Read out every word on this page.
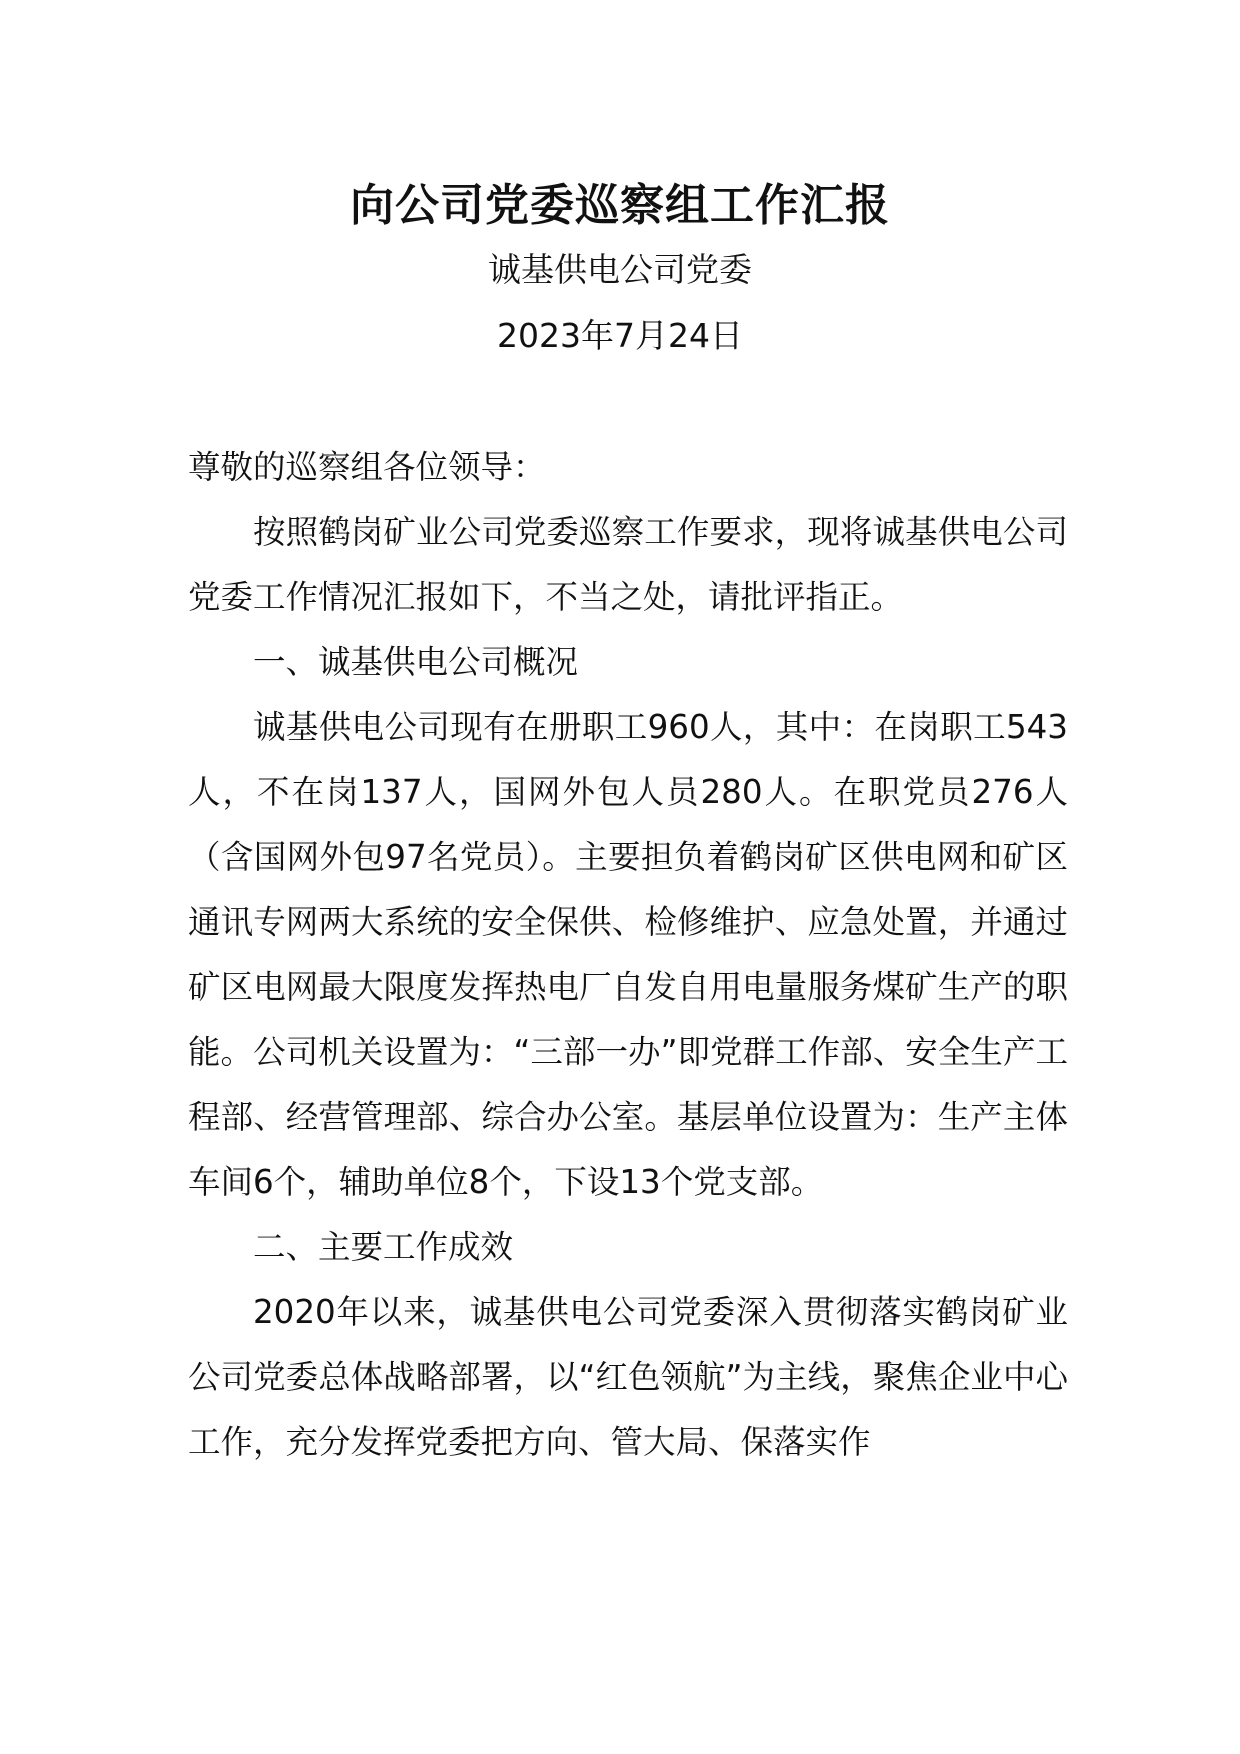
向公司党委巡察组工作汇报
诚基供电公司党委
2023年7月24日

尊敬的巡察组各位领导：

按照鹤岗矿业公司党委巡察工作要求，现将诚基供电公司党委工作情况汇报如下，不当之处，请批评指正。

一、诚基供电公司概况

诚基供电公司现有在册职工960人，其中：在岗职工543人，不在岗137人，国网外包人员280人。在职党员276人（含国网外包97名党员）。主要担负着鹤岗矿区供电网和矿区通讯专网两大系统的安全保供、检修维护、应急处置，并通过矿区电网最大限度发挥热电厂自发自用电量服务煤矿生产的职能。公司机关设置为：“三部一办”即党群工作部、安全生产工程部、经营管理部、综合办公室。基层单位设置为：生产主体车间6个，辅助单位8个，下设13个党支部。

二、主要工作成效

2020年以来，诚基供电公司党委深入贯彻落实鹤岗矿业公司党委总体战略部署，以“红色领航”为主线，聚焦企业中心工作，充分发挥党委把方向、管大局、保落实作
